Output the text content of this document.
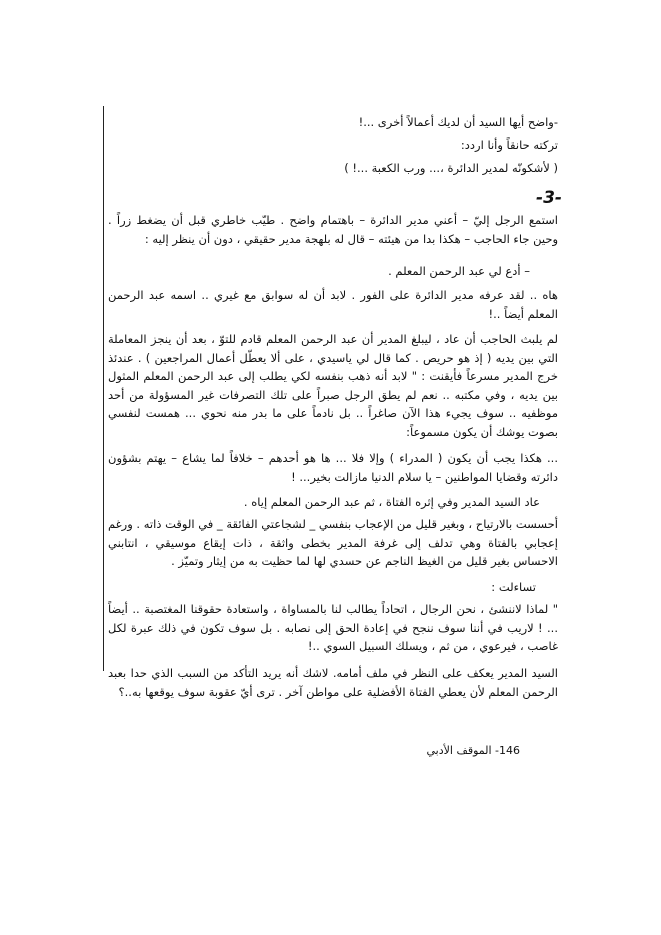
-واضح أيها السيد أن لديك أعمالاً أخرى ...!
تركته حانقاً وأنا اردد:
( لأشكونّه لمدير الدائرة ،... ورب الكعبة ...! )
-3-
استمع الرجل إليّ – أعني مدير الدائرة – باهتمام واضح . طيّب خاطري قبل أن يضغط زراً . وحين جاء الحاجب – هكذا بدا من هيئته – قال له بلهجة مدير حقيقي ، دون أن ينظر إليه :
– أدع لي عبد الرحمن المعلم .
هاه .. لقد عرفه مدير الدائرة على الفور . لابد أن له سوابق مع غيري .. اسمه عبد الرحمن المعلم أيضاً ..!
لم يلبث الحاجب أن عاد ، ليبلغ المدير أن عبد الرحمن المعلم قادم للتوّ ، بعد أن ينجز المعاملة التي بين يديه ( إذ هو حريص . كما قال لي ياسيدي ، على ألا يعطّل أعمال المراجعين ) . عندئذ خرج المدير مسرعاً فأيقنت : " لابد أنه ذهب بنفسه لكي يطلب إلى عبد الرحمن المعلم المثول بين يديه ، وفي مكتبه .. نعم لم يطق الرجل صبراً على تلك التصرفات غير المسؤولة من أحد موظفيه .. سوف يجيء هذا الآن صاغراً .. بل نادماً على ما بدر منه نحوي ... همست لنفسي بصوت يوشك أن يكون مسموعاً:
... هكذا يجب أن يكون ( المدراء ) وإلا فلا ... ها هو أحدهم – خلافاً لما يشاع – يهتم بشؤون دائرته وقضايا المواطنين – يا سلام الدنيا مازالت بخير... !
عاد السيد المدير وفي إثره الفتاة ، ثم عبد الرحمن المعلم إياه .
أحسست بالارتياح ، وبغير قليل من الإعجاب بنفسي _ لشجاعتي الفائقة _ في الوقت ذاته . ورغم إعجابي بالفتاة وهي تدلف إلى غرفة المدير بخطى واثقة ، ذات إيقاع موسيقي ، انتابني الاحساس بغير قليل من الغيظ الناجم عن حسدي لها لما حظيت به من إيثار وتميّز .
تساءلت :
" لماذا لاننشئ ، نحن الرجال ، اتحاداً يطالب لنا بالمساواة ، واستعادة حقوقنا المغتصبة .. أيضاً ... ! لاريب في أننا سوف ننجح في إعادة الحق إلى نصابه . بل سوف تكون في ذلك عبرة لكل غاصب ، فيرعوي ، من ثم ، ويسلك السبيل السوي ..!
السيد المدير يعكف على النظر في ملف أمامه. لاشك أنه يريد التأكد من السبب الذي حدا بعبد الرحمن المعلم لأن يعطي الفتاة الأفضلية على مواطن آخر . ترى أيّ عقوبة سوف يوقعها به..؟
146- الموقف الأدبي
